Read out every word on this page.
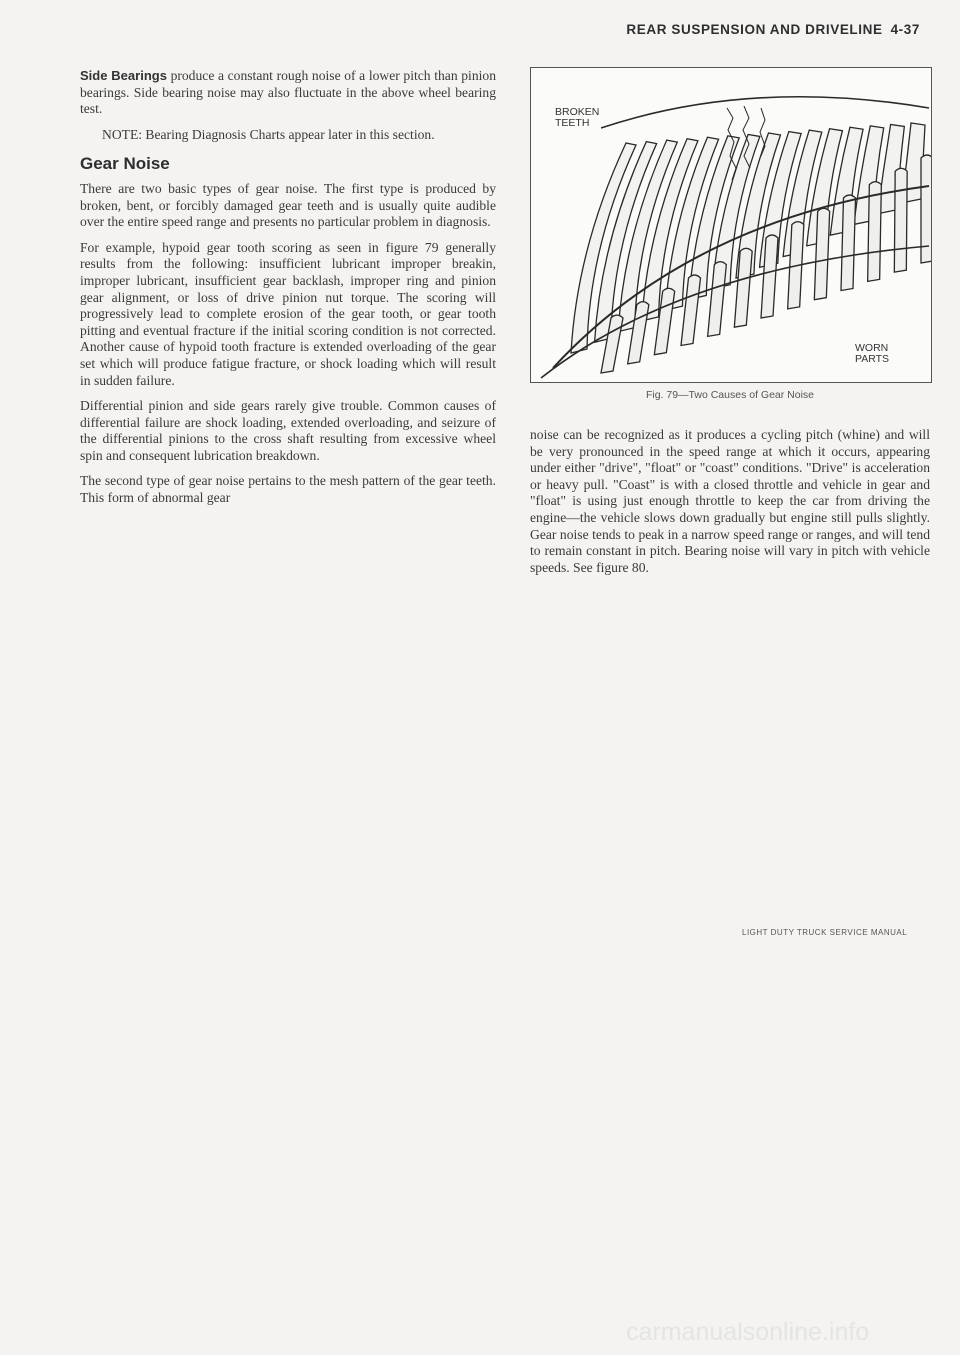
REAR SUSPENSION AND DRIVELINE 4-37

Side Bearings produce a constant rough noise of a lower pitch than pinion bearings. Side bearing noise may also fluctuate in the above wheel bearing test.

NOTE: Bearing Diagnosis Charts appear later in this section.

Gear Noise

There are two basic types of gear noise. The first type is produced by broken, bent, or forcibly damaged gear teeth and is usually quite audible over the entire speed range and presents no particular problem in diagnosis.

For example, hypoid gear tooth scoring as seen in figure 79 generally results from the following: insufficient lubricant improper breakin, improper lubricant, insufficient gear backlash, improper ring and pinion gear alignment, or loss of drive pinion nut torque. The scoring will progressively lead to complete erosion of the gear tooth, or gear tooth pitting and eventual fracture if the initial scoring condition is not corrected. Another cause of hypoid tooth fracture is extended overloading of the gear set which will produce fatigue fracture, or shock loading which will result in sudden failure.

Differential pinion and side gears rarely give trouble. Common causes of differential failure are shock loading, extended overloading, and seizure of the differential pinions to the cross shaft resulting from excessive wheel spin and consequent lubrication breakdown.

The second type of gear noise pertains to the mesh pattern of the gear teeth. This form of abnormal gear

BROKEN
TEETH
WORN
PARTS
Fig. 79—Two Causes of Gear Noise

noise can be recognized as it produces a cycling pitch (whine) and will be very pronounced in the speed range at which it occurs, appearing under either "drive", "float" or "coast" conditions. "Drive" is acceleration or heavy pull. "Coast" is with a closed throttle and vehicle in gear and "float" is using just enough throttle to keep the car from driving the engine—the vehicle slows down gradually but engine still pulls slightly. Gear noise tends to peak in a narrow speed range or ranges, and will tend to remain constant in pitch. Bearing noise will vary in pitch with vehicle speeds. See figure 80.

LIGHT DUTY TRUCK SERVICE MANUAL
carmanualsonline.info
